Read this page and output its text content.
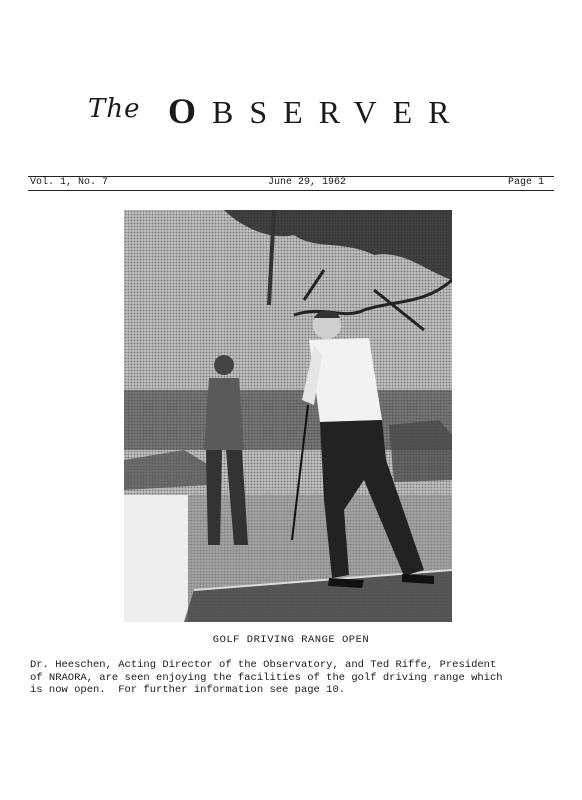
The OBSERVER
Vol. 1, No. 7	June 29, 1962	Page 1
GOLF DRIVING RANGE OPEN
Dr. Heeschen, Acting Director of the Observatory, and Ted Riffe, President
of NRAORA, are seen enjoying the facilities of the golf driving range which
is now open.  For further information see page 10.
